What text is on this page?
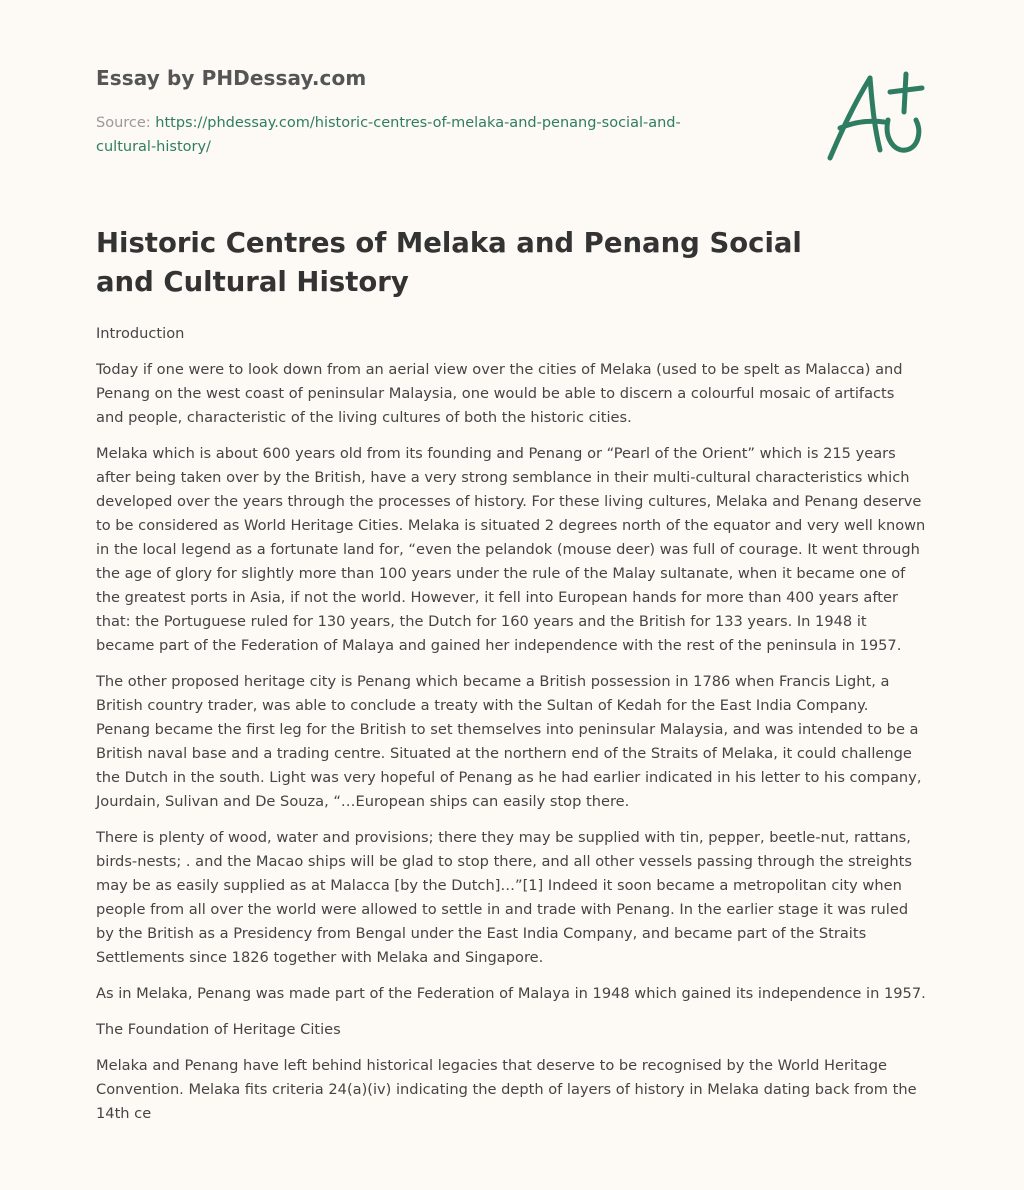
Essay by PHDessay.com
Source: https://phdessay.com/historic-centres-of-melaka-and-penang-social-and-cultural-history/
Historic Centres of Melaka and Penang Social and Cultural History

Introduction

Today if one were to look down from an aerial view over the cities of Melaka (used to be spelt as Malacca) and Penang on the west coast of peninsular Malaysia, one would be able to discern a colourful mosaic of artifacts and people, characteristic of the living cultures of both the historic cities.

Melaka which is about 600 years old from its founding and Penang or “Pearl of the Orient” which is 215 years after being taken over by the British, have a very strong semblance in their multi-cultural characteristics which developed over the years through the processes of history. For these living cultures, Melaka and Penang deserve to be considered as World Heritage Cities. Melaka is situated 2 degrees north of the equator and very well known in the local legend as a fortunate land for, “even the pelandok (mouse deer) was full of courage. It went through the age of glory for slightly more than 100 years under the rule of the Malay sultanate, when it became one of the greatest ports in Asia, if not the world. However, it fell into European hands for more than 400 years after that: the Portuguese ruled for 130 years, the Dutch for 160 years and the British for 133 years. In 1948 it became part of the Federation of Malaya and gained her independence with the rest of the peninsula in 1957.

The other proposed heritage city is Penang which became a British possession in 1786 when Francis Light, a British country trader, was able to conclude a treaty with the Sultan of Kedah for the East India Company. Penang became the first leg for the British to set themselves into peninsular Malaysia, and was intended to be a British naval base and a trading centre. Situated at the northern end of the Straits of Melaka, it could challenge the Dutch in the south. Light was very hopeful of Penang as he had earlier indicated in his letter to his company, Jourdain, Sulivan and De Souza, “…European ships can easily stop there.

There is plenty of wood, water and provisions; there they may be supplied with tin, pepper, beetle-nut, rattans, birds-nests; . and the Macao ships will be glad to stop there, and all other vessels passing through the streights may be as easily supplied as at Malacca [by the Dutch]…”[1] Indeed it soon became a metropolitan city when people from all over the world were allowed to settle in and trade with Penang. In the earlier stage it was ruled by the British as a Presidency from Bengal under the East India Company, and became part of the Straits Settlements since 1826 together with Melaka and Singapore.

As in Melaka, Penang was made part of the Federation of Malaya in 1948 which gained its independence in 1957.

The Foundation of Heritage Cities

Melaka and Penang have left behind historical legacies that deserve to be recognised by the World Heritage Convention. Melaka fits criteria 24(a)(iv) indicating the depth of layers of history in Melaka dating back from the 14th ce
